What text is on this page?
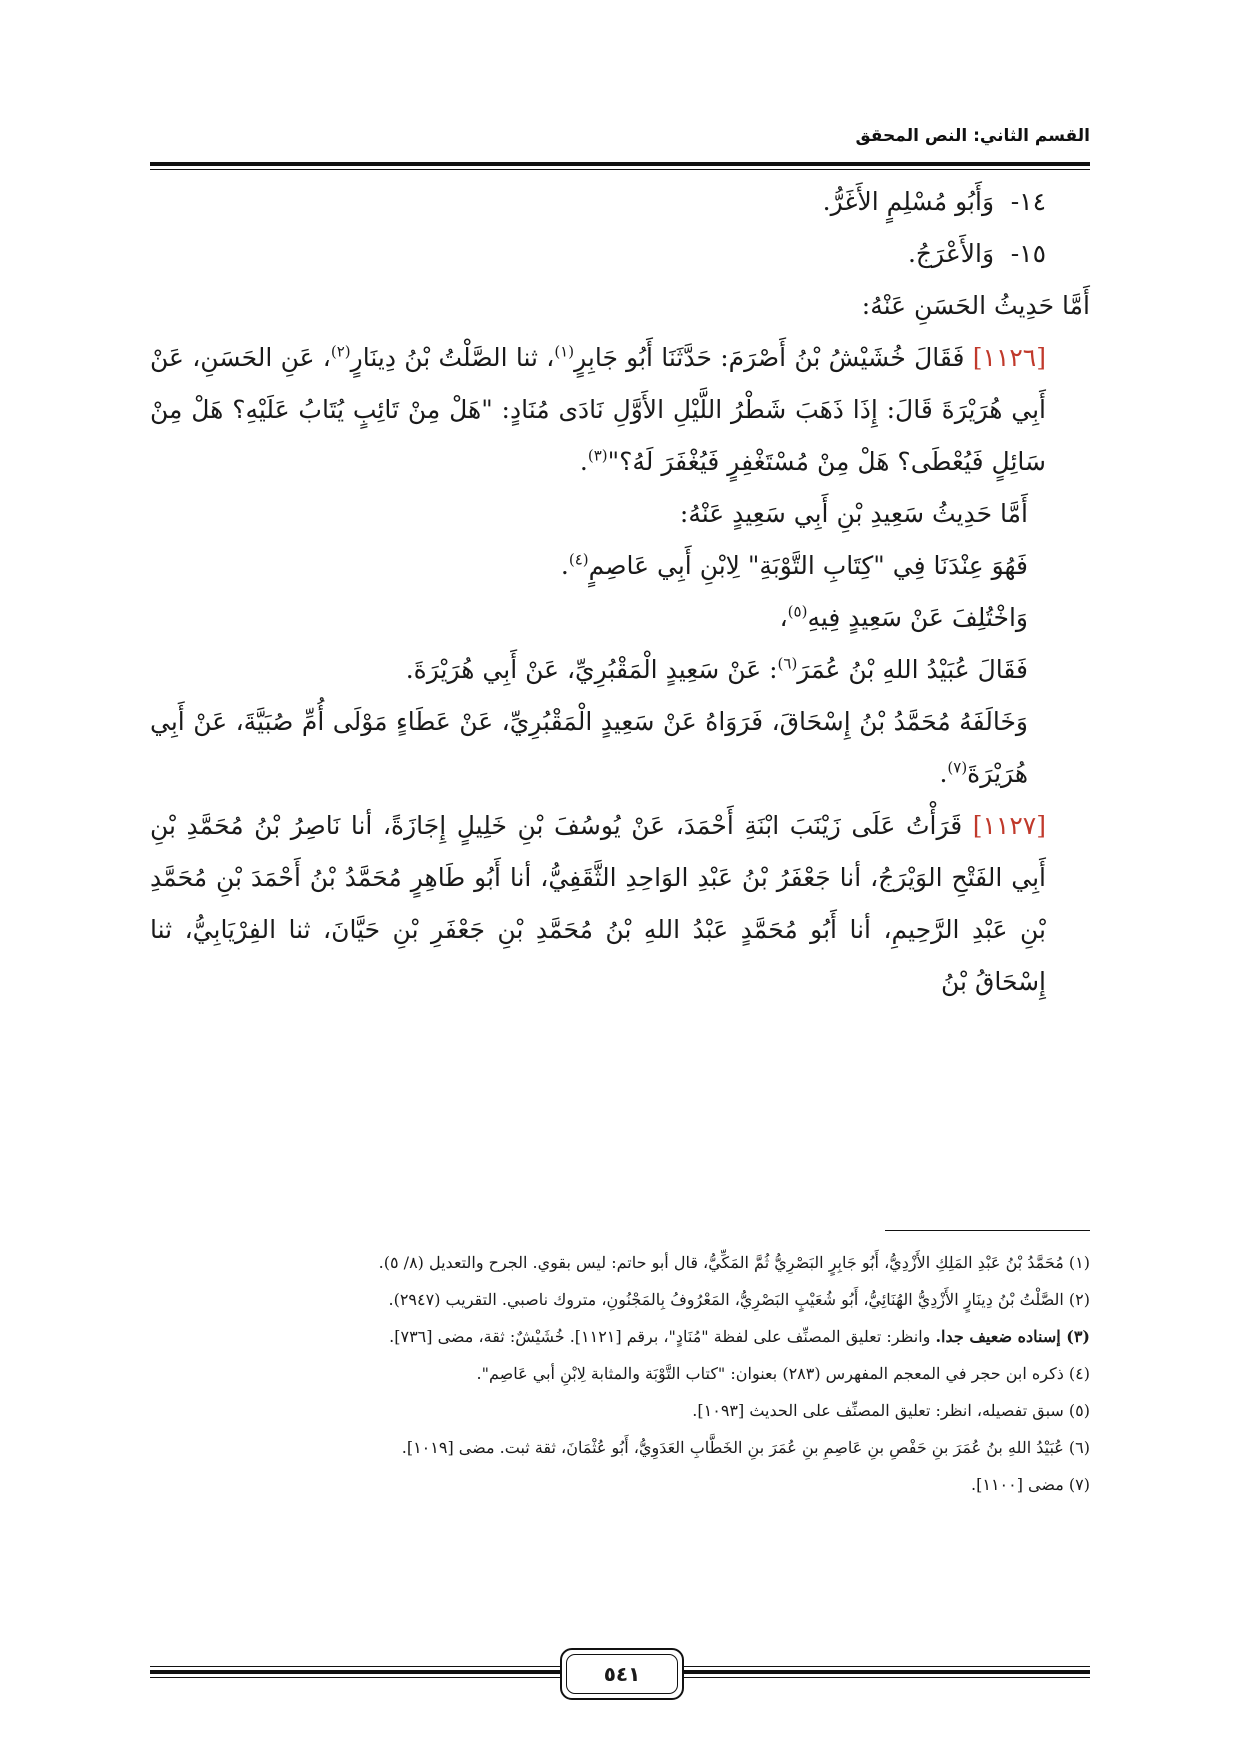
القسم الثاني: النص المحقق

١٤- وَأَبُو مُسْلِمٍ الأَغَرُّ.

١٥- وَالأَعْرَجُ.

أَمَّا حَدِيثُ الحَسَنِ عَنْهُ:

[١١٢٦] فَقَالَ خُشَيْشُ بْنُ أَصْرَمَ: حَدَّثَنَا أَبُو جَابِرٍ$^{(١)}$، ثنا الصَّلْتُ بْنُ دِينَارٍ$^{(٢)}$، عَنِ الحَسَنِ، عَنْ أَبِي هُرَيْرَةَ قَالَ: إِذَا ذَهَبَ شَطْرُ اللَّيْلِ الأَوَّلِ نَادَى مُنَادٍ: "هَلْ مِنْ تَائِبٍ يُتَابُ عَلَيْهِ؟ هَلْ مِنْ سَائِلٍ فَيُعْطَى؟ هَلْ مِنْ مُسْتَغْفِرٍ فَيُغْفَرَ لَهُ؟"$^{(٣)}$.

أَمَّا حَدِيثُ سَعِيدِ بْنِ أَبِي سَعِيدٍ عَنْهُ:

فَهُوَ عِنْدَنَا فِي "كِتَابِ التَّوْبَةِ" لِابْنِ أَبِي عَاصِمٍ$^{(٤)}$.

وَاخْتُلِفَ عَنْ سَعِيدٍ فِيهِ$^{(٥)}$،

فَقَالَ عُبَيْدُ اللهِ بْنُ عُمَرَ$^{(٦)}$: عَنْ سَعِيدٍ الْمَقْبُرِيِّ، عَنْ أَبِي هُرَيْرَةَ.

وَخَالَفَهُ مُحَمَّدُ بْنُ إِسْحَاقَ، فَرَوَاهُ عَنْ سَعِيدٍ الْمَقْبُرِيِّ، عَنْ عَطَاءٍ مَوْلَى أُمِّ صُبَيَّةَ، عَنْ أَبِي هُرَيْرَةَ$^{(٧)}$.

[١١٢٧] قَرَأْتُ عَلَى زَيْنَبَ ابْنَةِ أَحْمَدَ، عَنْ يُوسُفَ بْنِ خَلِيلٍ إِجَازَةً، أنا نَاصِرُ بْنُ مُحَمَّدِ بْنِ أَبِي الفَتْحِ الوَيْرَجُ، أنا جَعْفَرُ بْنُ عَبْدِ الوَاحِدِ الثَّقَفِيُّ، أنا أَبُو طَاهِرٍ مُحَمَّدُ بْنُ أَحْمَدَ بْنِ مُحَمَّدِ بْنِ عَبْدِ الرَّحِيمِ، أنا أَبُو مُحَمَّدٍ عَبْدُ اللهِ بْنُ مُحَمَّدِ بْنِ جَعْفَرِ بْنِ حَيَّانَ، ثنا الفِرْيَابِيُّ، ثنا إِسْحَاقُ بْنُ

(١) مُحَمَّدُ بْنُ عَبْدِ المَلِكِ الأَزْدِيُّ، أَبُو جَابِرٍ البَصْرِيُّ ثُمَّ المَكِّيُّ، قال أبو حاتم: ليس بقوي. الجرح والتعديل (٨/ ٥).

(٢) الصَّلْتُ بْنُ دِينَارٍ الأَزْدِيُّ الهُنَائِيُّ، أَبُو شُعَيْبٍ البَصْرِيُّ، المَعْرُوفُ بِالمَجْنُونِ، متروك ناصبي. التقريب (٢٩٤٧).

(٣) إسناده ضعيف جدا. وانظر: تعليق المصنِّف على لفظة "مُنَادٍ"، برقم [١١٢١]. خُشَيْشٌ: ثقة، مضى [٧٣٦].

(٤) ذكره ابن حجر في المعجم المفهرس (٢٨٣) بعنوان: "كتاب التَّوْبَة والمثابة لِابْنِ أبي عَاصِم".

(٥) سبق تفصيله، انظر: تعليق المصنِّف على الحديث [١٠٩٣].

(٦) عُبَيْدُ اللهِ بنُ عُمَرَ بنِ حَفْصِ بنِ عَاصِمِ بنِ عُمَرَ بنِ الخَطَّابِ العَدَوِيُّ، أَبُو عُثْمَانَ، ثقة ثبت. مضى [١٠١٩].

(٧) مضى [١١٠٠].

٥٤١
